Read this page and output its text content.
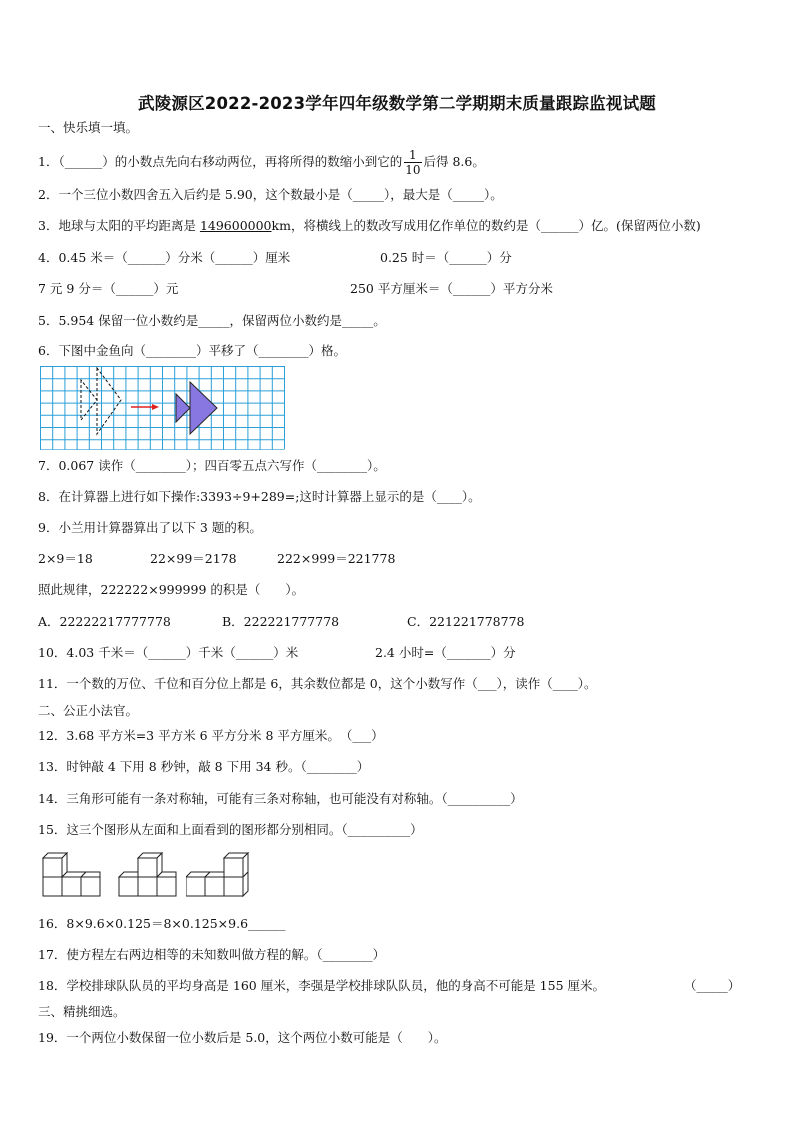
武陵源区2022-2023学年四年级数学第二学期期末质量跟踪监视试题
一、快乐填一填。
1．（______）的小数点先向右移动两位，再将所得的数缩小到它的 $\frac{1}{10}$ 后得 8.6。
2．一个三位小数四舍五入后约是 5.90，这个数最小是（_____），最大是（_____）。
3．地球与太阳的平均距离是 149600000km，将横线上的数改写成用亿作单位的数约是（______）亿。(保留两位小数)
4．0.45 米＝（______）分米（______）厘米	0.25 时＝（______）分
7 元 9 分＝（______）元	250 平方厘米＝（______）平方分米
5．5.954 保留一位小数约是_____，保留两位小数约是_____。
6．下图中金鱼向（________）平移了（________）格。
7．0.067 读作（________）；四百零五点六写作（________）。
8．在计算器上进行如下操作:3393÷9+289=;这时计算器上显示的是（____）。
9．小兰用计算器算出了以下 3 题的积。
2×9＝18	22×99＝2178	222×999＝221778
照此规律，222222×999999 的积是（　　）。
A．22222217777778	B．222221777778	C．221221778778
10．4.03 千米＝（______）千米（______）米	2.4 小时=（_______）分
11．一个数的万位、千位和百分位上都是 6，其余数位都是 0，这个小数写作（___），读作（____）。
二、公正小法官。
12．3.68 平方米=3 平方米 6 平方分米 8 平方厘米。　（___）
13．时钟敲 4 下用 8 秒钟，敲 8 下用 34 秒。（________）
14．三角形可能有一条对称轴，可能有三条对称轴，也可能没有对称轴。（__________）
15．这三个图形从左面和上面看到的图形都分别相同。（__________）
16．8×9.6×0.125＝8×0.125×9.6______
17．使方程左右两边相等的未知数叫做方程的解。（________）
18．学校排球队队员的平均身高是 160 厘米，李强是学校排球队队员，他的身高不可能是 155 厘米。	（_____）
三、精挑细选。
19．一个两位小数保留一位小数后是 5.0，这个两位小数可能是（　　）。
